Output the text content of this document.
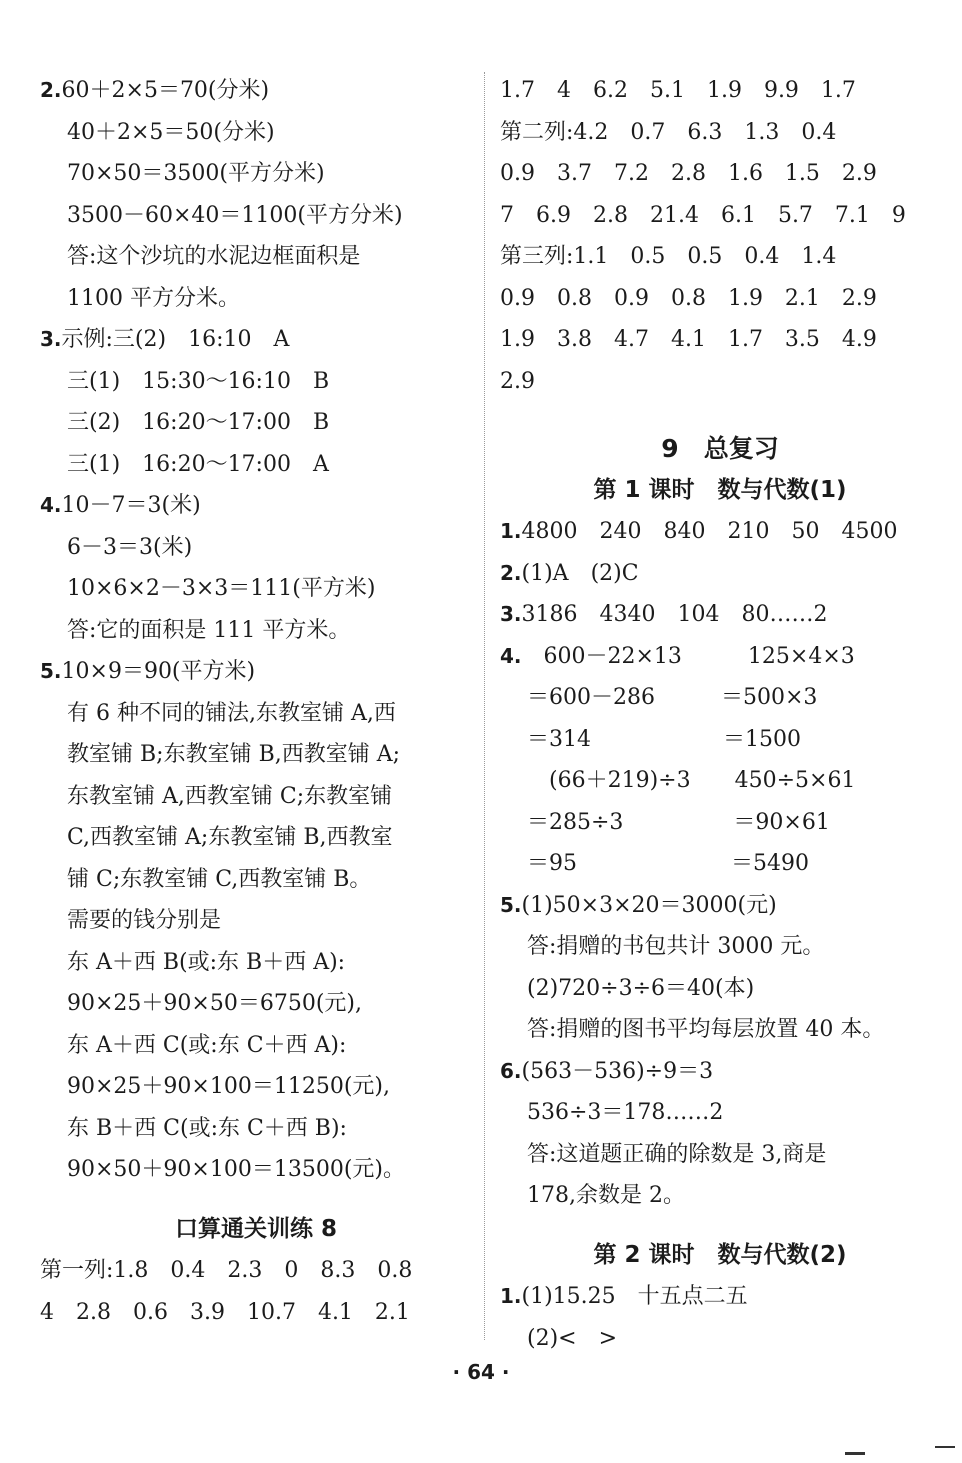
2.60＋2×5＝70(分米)
40＋2×5＝50(分米)
70×50＝3500(平方分米)
3500－60×40＝1100(平方分米)
答:这个沙坑的水泥边框面积是
1100 平方分米。
3.示例:三(2)　16:10　A
三(1)　15:30～16:10　B
三(2)　16:20～17:00　B
三(1)　16:20～17:00　A
4.10－7＝3(米)
6－3＝3(米)
10×6×2－3×3＝111(平方米)
答:它的面积是 111 平方米。
5.10×9＝90(平方米)
有 6 种不同的铺法,东教室铺 A,西
教室铺 B;东教室铺 B,西教室铺 A;
东教室铺 A,西教室铺 C;东教室铺
C,西教室铺 A;东教室铺 B,西教室
铺 C;东教室铺 C,西教室铺 B。
需要的钱分别是
东 A＋西 B(或:东 B＋西 A):
90×25＋90×50＝6750(元),
东 A＋西 C(或:东 C＋西 A):
90×25＋90×100＝11250(元),
东 B＋西 C(或:东 C＋西 B):
90×50＋90×100＝13500(元)。
口算通关训练 8
第一列:1.8　0.4　2.3　0　8.3　0.8
4　2.8　0.6　3.9　10.7　4.1　2.1
1.7　4　6.2　5.1　1.9　9.9　1.7
第二列:4.2　0.7　6.3　1.3　0.4
0.9　3.7　7.2　2.8　1.6　1.5　2.9
7　6.9　2.8　21.4　6.1　5.7　7.1　9
第三列:1.1　0.5　0.5　0.4　1.4
0.9　0.8　0.9　0.8　1.9　2.1　2.9
1.9　3.8　4.7　4.1　1.7　3.5　4.9
2.9
9　总复习
第 1 课时　数与代数(1)
1.4800　240　840　210　50　4500
2.(1)A　(2)C
3.3186　4340　104　80……2
4.　600－22×13　　　125×4×3
＝600－286　　　＝500×3
＝314　　　　　　＝1500
　(66＋219)÷3　　450÷5×61
＝285÷3　　　　　＝90×61
＝95　　　　　　　＝5490
5.(1)50×3×20＝3000(元)
答:捐赠的书包共计 3000 元。
(2)720÷3÷6＝40(本)
答:捐赠的图书平均每层放置 40 本。
6.(563－536)÷9＝3
536÷3＝178……2
答:这道题正确的除数是 3,商是
178,余数是 2。
第 2 课时　数与代数(2)
1.(1)15.25　十五点二五
(2)<　>
· 64 ·
